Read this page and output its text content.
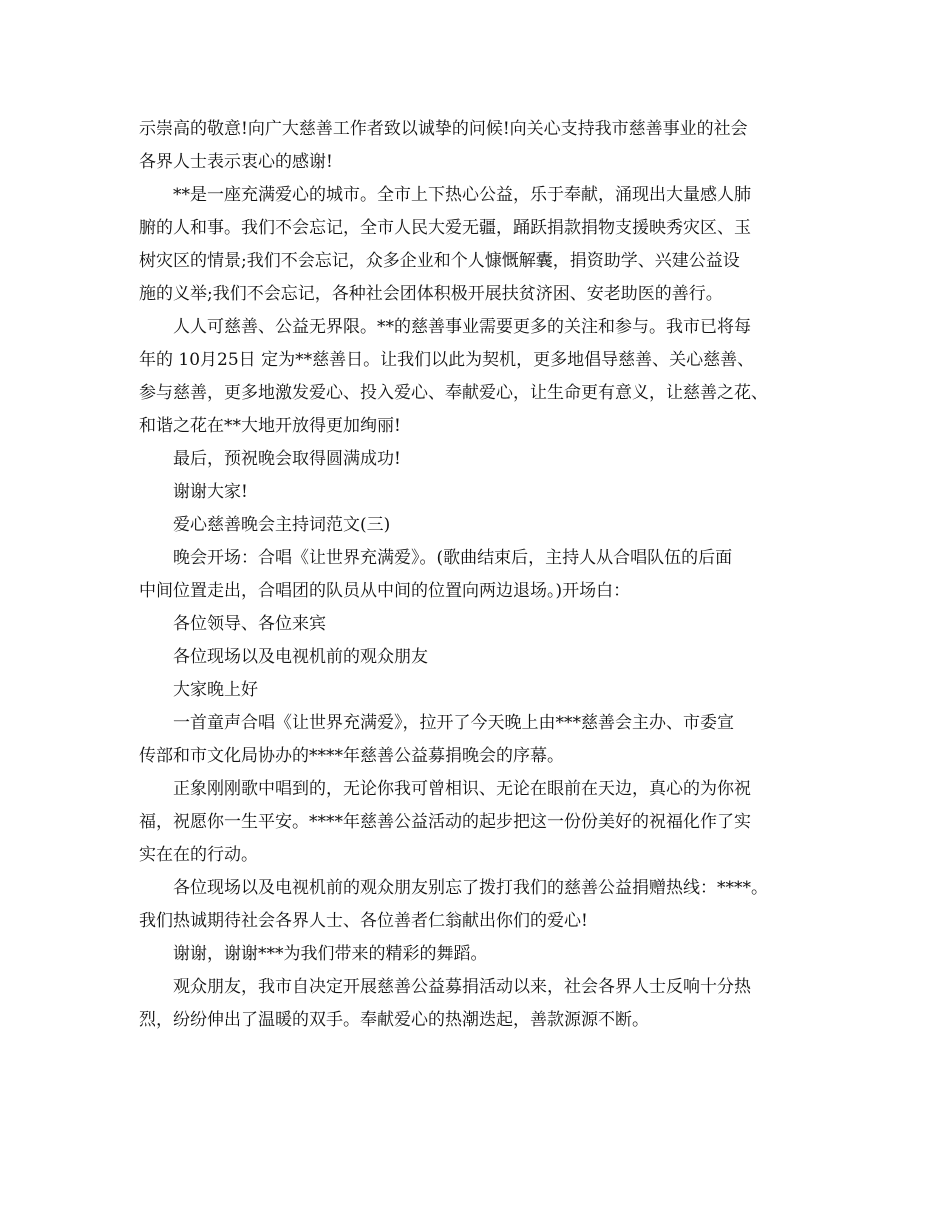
示崇高的敬意!向广大慈善工作者致以诚挚的问候!向关心支持我市慈善事业的社会
各界人士表示衷心的感谢!
**是一座充满爱心的城市。全市上下热心公益，乐于奉献，涌现出大量感人肺
腑的人和事。我们不会忘记，全市人民大爱无疆，踊跃捐款捐物支援映秀灾区、玉
树灾区的情景;我们不会忘记，众多企业和个人慷慨解囊，捐资助学、兴建公益设
施的义举;我们不会忘记，各种社会团体积极开展扶贫济困、安老助医的善行。
人人可慈善、公益无界限。**的慈善事业需要更多的关注和参与。我市已将每
年的 10月25日 定为**慈善日。让我们以此为契机，更多地倡导慈善、关心慈善、
参与慈善，更多地激发爱心、投入爱心、奉献爱心，让生命更有意义，让慈善之花、
和谐之花在**大地开放得更加绚丽!
最后，预祝晚会取得圆满成功!
谢谢大家!
爱心慈善晚会主持词范文(三)
晚会开场：合唱《让世界充满爱》。(歌曲结束后，主持人从合唱队伍的后面
中间位置走出，合唱团的队员从中间的位置向两边退场。)开场白：
各位领导、各位来宾
各位现场以及电视机前的观众朋友
大家晚上好
一首童声合唱《让世界充满爱》，拉开了今天晚上由***慈善会主办、市委宣
传部和市文化局协办的****年慈善公益募捐晚会的序幕。
正象刚刚歌中唱到的，无论你我可曾相识、无论在眼前在天边，真心的为你祝
福，祝愿你一生平安。****年慈善公益活动的起步把这一份份美好的祝福化作了实
实在在的行动。
各位现场以及电视机前的观众朋友别忘了拨打我们的慈善公益捐赠热线：****。
我们热诚期待社会各界人士、各位善者仁翁献出你们的爱心!
谢谢，谢谢***为我们带来的精彩的舞蹈。
观众朋友，我市自决定开展慈善公益募捐活动以来，社会各界人士反响十分热
烈，纷纷伸出了温暖的双手。奉献爱心的热潮迭起，善款源源不断。
